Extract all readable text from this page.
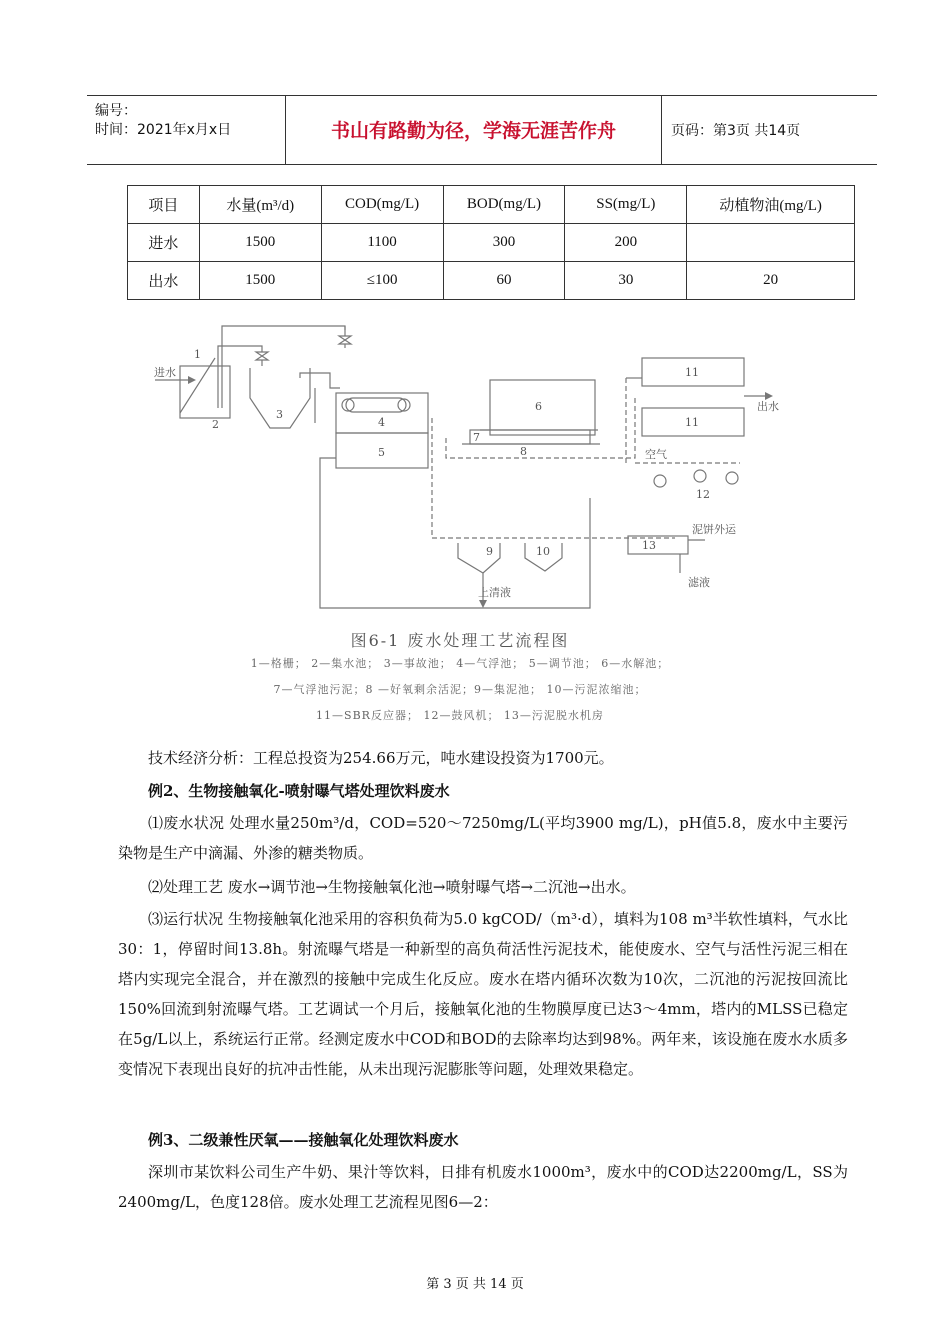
编号：
时间：2021年x月x日	书山有路勤为径，学海无涯苦作舟	页码：第3页 共14页
项目	水量(m³/d)	COD(mg/L)	BOD(mg/L)	SS(mg/L)	动植物油(mg/L)
进水	1500	1100	300	200	
出水	1500	≤100	60	30	20
进水
出水
空气
泥饼外运
上清液
滤液
1
2
3
4
5
6
7
8
9	10
11
11
12
13
图6-1 废水处理工艺流程图
1—格栅； 2—集水池； 3—事故池； 4—气浮池； 5—调节池； 6—水解池；
7—气浮池污泥；8 —好氧剩余活泥；9—集泥池； 10—污泥浓缩池；
11—SBR反应器； 12—鼓风机； 13—污泥脱水机房
技术经济分析：工程总投资为254.66万元，吨水建设投资为1700元。
例2、生物接触氧化-喷射曝气塔处理饮料废水
⑴废水状况 处理水量250m³/d，COD=520～7250mg/L(平均3900 mg/L)，pH值5.8，废水中主要污染物是生产中滴漏、外渗的糖类物质。
⑵处理工艺 废水→调节池→生物接触氧化池→喷射曝气塔→二沉池→出水。
⑶运行状况 生物接触氧化池采用的容积负荷为5.0 kgCOD/（m³·d），填料为108 m³半软性填料，气水比30：1，停留时间13.8h。射流曝气塔是一种新型的高负荷活性污泥技术，能使废水、空气与活性污泥三相在塔内实现完全混合，并在激烈的接触中完成生化反应。废水在塔内循环次数为10次，二沉池的污泥按回流比150%回流到射流曝气塔。工艺调试一个月后，接触氧化池的生物膜厚度已达3～4mm，塔内的MLSS已稳定在5g/L以上，系统运行正常。经测定废水中COD和BOD的去除率均达到98%。两年来，该设施在废水水质多变情况下表现出良好的抗冲击性能，从未出现污泥膨胀等问题，处理效果稳定。
例3、二级兼性厌氧——接触氧化处理饮料废水
深圳市某饮料公司生产牛奶、果汁等饮料，日排有机废水1000m³，废水中的COD达2200mg/L，SS为2400mg/L，色度128倍。废水处理工艺流程见图6—2：
第 3 页 共 14 页
